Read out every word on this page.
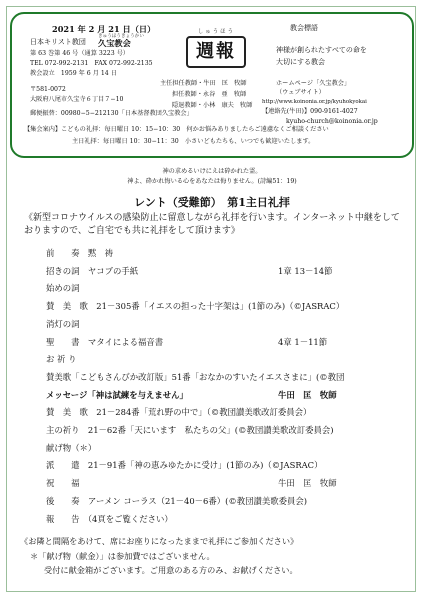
2021 年 2 月 21 日（日）
日本キリスト教団
きゅうほうきょうかい
久宝教会
第 63 巻第 46 号（通算 3223 号）
TEL 072-992-2131　FAX 072-992-2135
教会設立　1959 年 6 月 14 日
しゅうほう
週報
教会標語
神様が創られたすべての命を
大切にする教会
主任担任教師・牛田　匡　牧師
担任教師・永谷　亜　牧師
隠退教師・小林　康夫　牧師
〒581-0072
大阪府八尾市久宝寺６丁目７−10
郵便振替：00980−5−212130「日本基督教団久宝教会」
ホームページ「久宝教会」
（ウェブサイト）
http://www.koinonia.or.jp/kyuhokyokai
【連絡先(牛田)】090-9161-4027
kyuho-church@koinonia.or.jp
【集会案内】こどもの礼拝：毎日曜日 10：15−10：30　何かお悩みありましたらご遠慮なくご相談ください
主日礼拝：毎日曜日 10：30−11：30　小さいどもたちも、いつでも歓迎いたします。
神の求めるいけにえは砕かれた霊。
神よ、砕かれ悔いる心をあなたは侮りません。(詩編51：19)
レント（受難節）　第1主日礼拝
《新型コロナウイルスの感染防止に留意しながら礼拝を行います。インターネット中継をしておりますので、ご自宅でも共に礼拝をして頂けます》
前　　奏　黙　祷
招きの詞　ヤコブの手紙	1章 13－14節
始めの詞
賛　美　歌　21－305番「イエスの担った十字架は」(1節のみ)（©JASRAC）
消灯の詞
聖　　書　マタイによる福音書	4章 1－11節
お 祈 り
賛美歌「こどもさんびか改訂版」51番「おなかのすいたイエスさまに」(©教団
メッセージ「神は試練を与えません」	牛田　匡　牧師
賛　美　歌　21－284番「荒れ野の中で」（©教団讃美歌改訂委員会）
主の祈り　21－62番「天にいます　私たちの父」(©教団讃美歌改訂委員会)
献げ物（＊）
派　　遣　21－91番「神の恵みゆたかに受け」(1節のみ)（©JASRAC）
祝　　福	牛田　匡　牧師
後　　奏　アーメン コーラス（21－40－6番）(©教団讃美歌委員会)
報　　告　（4頁をご覧ください）
《お隣と間隔をあけて、席にお座りになったままで礼拝にご参加ください》
＊「献げ物（献金）」は参加費ではございません。
受付に献金箱がございます。ご用意のある方のみ、お献げください。
